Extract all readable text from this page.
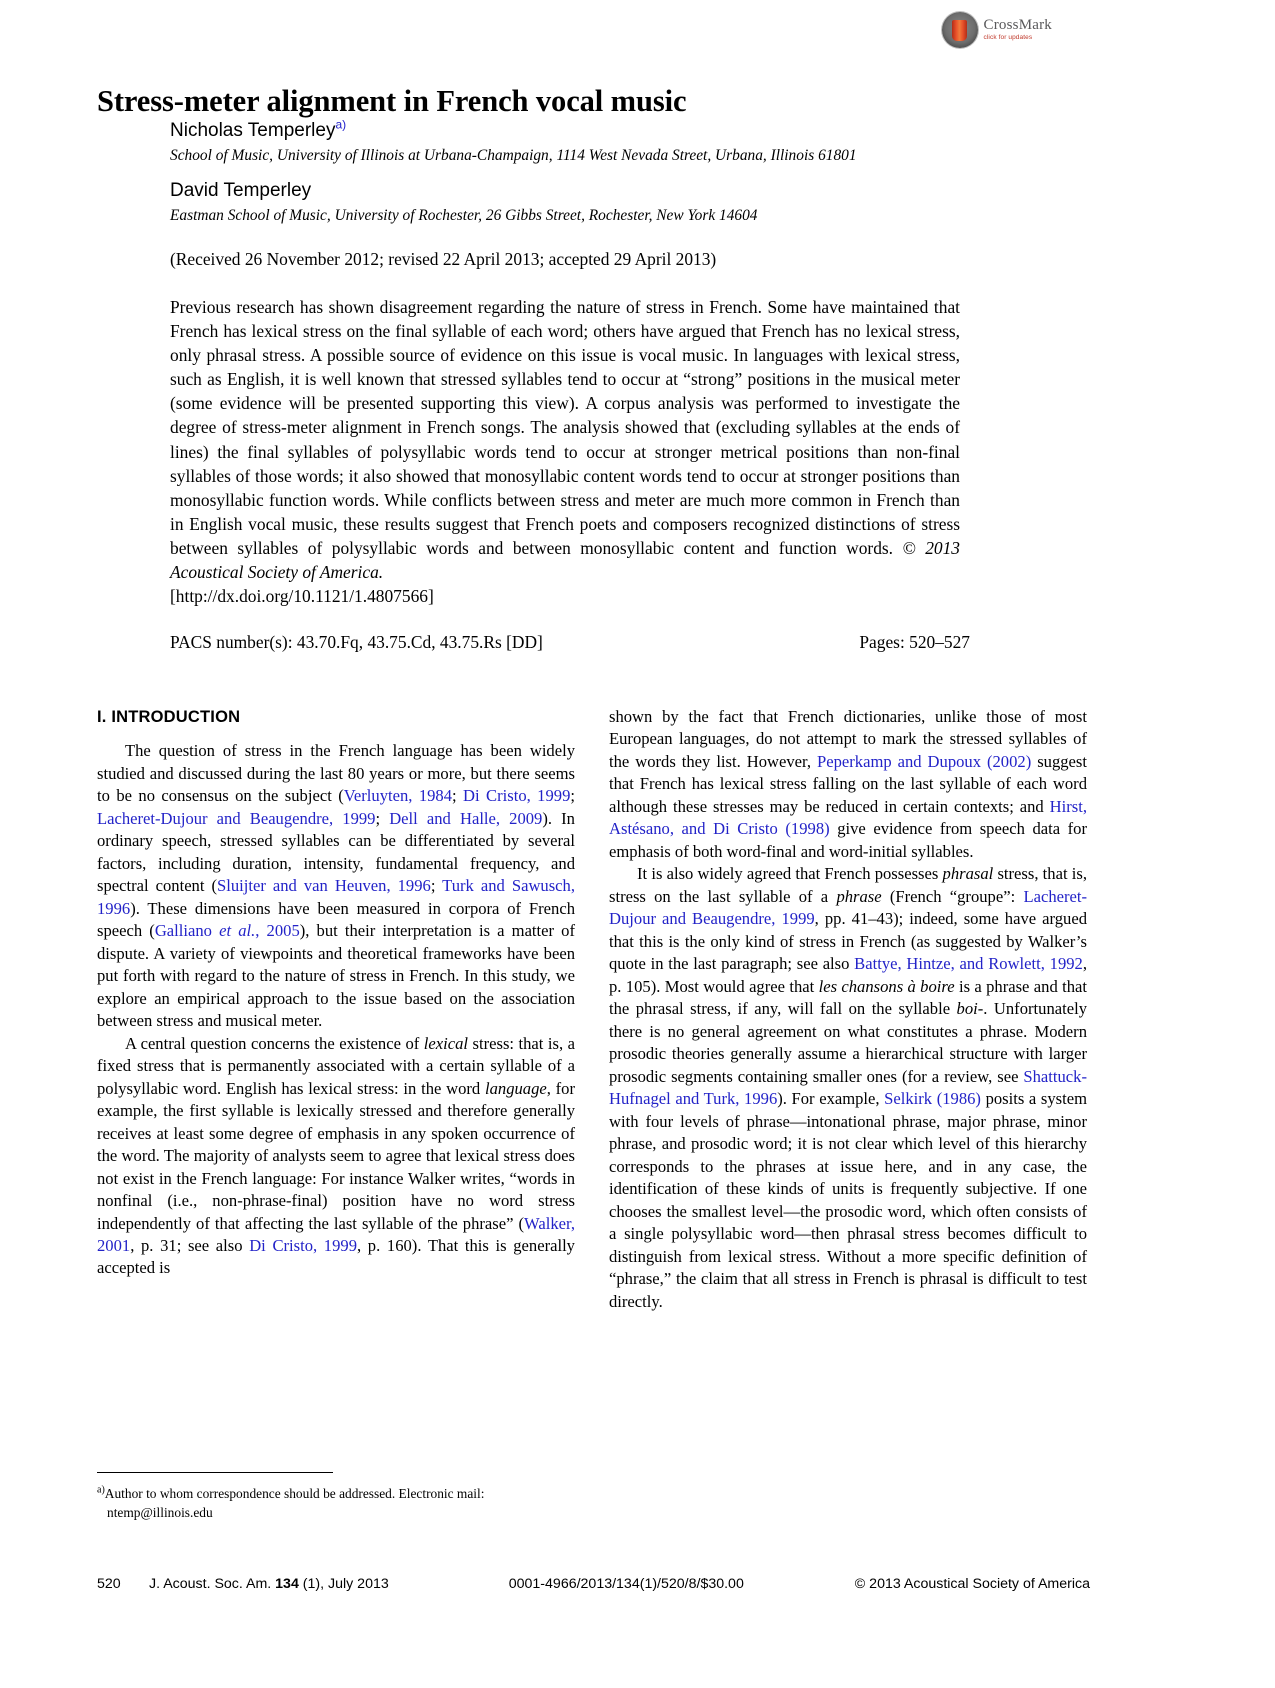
CrossMark
click for updates
Stress-meter alignment in French vocal music
Nicholas Temperley$^{a)}$
School of Music, University of Illinois at Urbana-Champaign, 1114 West Nevada Street, Urbana, Illinois 61801
David Temperley
Eastman School of Music, University of Rochester, 26 Gibbs Street, Rochester, New York 14604
(Received 26 November 2012; revised 22 April 2013; accepted 29 April 2013)
Previous research has shown disagreement regarding the nature of stress in French. Some have maintained that French has lexical stress on the final syllable of each word; others have argued that French has no lexical stress, only phrasal stress. A possible source of evidence on this issue is vocal music. In languages with lexical stress, such as English, it is well known that stressed syllables tend to occur at “strong” positions in the musical meter (some evidence will be presented supporting this view). A corpus analysis was performed to investigate the degree of stress-meter alignment in French songs. The analysis showed that (excluding syllables at the ends of lines) the final syllables of polysyllabic words tend to occur at stronger metrical positions than non-final syllables of those words; it also showed that monosyllabic content words tend to occur at stronger positions than monosyllabic function words. While conflicts between stress and meter are much more common in French than in English vocal music, these results suggest that French poets and composers recognized distinctions of stress between syllables of polysyllabic words and between monosyllabic content and function words. © 2013 Acoustical Society of America.
[http://dx.doi.org/10.1121/1.4807566]
PACS number(s): 43.70.Fq, 43.75.Cd, 43.75.Rs [DD]	Pages: 520–527
I. INTRODUCTION

The question of stress in the French language has been widely studied and discussed during the last 80 years or more, but there seems to be no consensus on the subject (Verluyten, 1984; Di Cristo, 1999; Lacheret-Dujour and Beaugendre, 1999; Dell and Halle, 2009). In ordinary speech, stressed syllables can be differentiated by several factors, including duration, intensity, fundamental frequency, and spectral content (Sluijter and van Heuven, 1996; Turk and Sawusch, 1996). These dimensions have been measured in corpora of French speech (Galliano et al., 2005), but their interpretation is a matter of dispute. A variety of viewpoints and theoretical frameworks have been put forth with regard to the nature of stress in French. In this study, we explore an empirical approach to the issue based on the association between stress and musical meter.

A central question concerns the existence of lexical stress: that is, a fixed stress that is permanently associated with a certain syllable of a polysyllabic word. English has lexical stress: in the word language, for example, the first syllable is lexically stressed and therefore generally receives at least some degree of emphasis in any spoken occurrence of the word. The majority of analysts seem to agree that lexical stress does not exist in the French language: For instance Walker writes, “words in nonfinal (i.e., non-phrase-final) position have no word stress independently of that affecting the last syllable of the phrase” (Walker, 2001, p. 31; see also Di Cristo, 1999, p. 160). That this is generally accepted is

shown by the fact that French dictionaries, unlike those of most European languages, do not attempt to mark the stressed syllables of the words they list. However, Peperkamp and Dupoux (2002) suggest that French has lexical stress falling on the last syllable of each word although these stresses may be reduced in certain contexts; and Hirst, Astésano, and Di Cristo (1998) give evidence from speech data for emphasis of both word-final and word-initial syllables.

It is also widely agreed that French possesses phrasal stress, that is, stress on the last syllable of a phrase (French “groupe”: Lacheret-Dujour and Beaugendre, 1999, pp. 41–43); indeed, some have argued that this is the only kind of stress in French (as suggested by Walker’s quote in the last paragraph; see also Battye, Hintze, and Rowlett, 1992, p. 105). Most would agree that les chansons à boire is a phrase and that the phrasal stress, if any, will fall on the syllable boi-. Unfortunately there is no general agreement on what constitutes a phrase. Modern prosodic theories generally assume a hierarchical structure with larger prosodic segments containing smaller ones (for a review, see Shattuck-Hufnagel and Turk, 1996). For example, Selkirk (1986) posits a system with four levels of phrase—intonational phrase, major phrase, minor phrase, and prosodic word; it is not clear which level of this hierarchy corresponds to the phrases at issue here, and in any case, the identification of these kinds of units is frequently subjective. If one chooses the smallest level—the prosodic word, which often consists of a single polysyllabic word—then phrasal stress becomes difficult to distinguish from lexical stress. Without a more specific definition of “phrase,” the claim that all stress in French is phrasal is difficult to test directly.

$^{a)}$Author to whom correspondence should be addressed. Electronic mail:
ntemp@illinois.edu
520	J. Acoust. Soc. Am. 134 (1), July 2013	0001-4966/2013/134(1)/520/8/$30.00	© 2013 Acoustical Society of America
